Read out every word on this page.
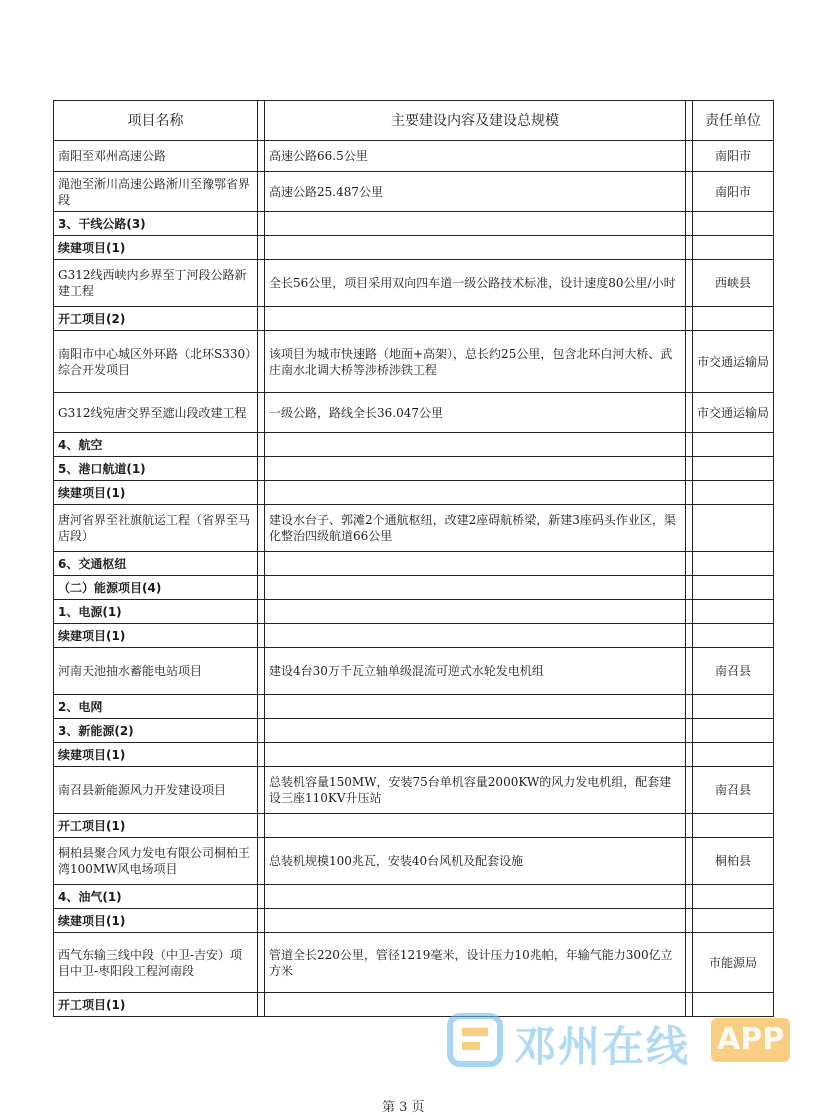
项目名称		主要建设内容及建设总规模		责任单位
南阳至邓州高速公路		高速公路66.5公里		南阳市
渑池至淅川高速公路淅川至豫鄂省界段		高速公路25.487公里		南阳市
3、干线公路(3)				
续建项目(1)				
G312线西峡内乡界至丁河段公路新建工程		全长56公里，项目采用双向四车道一级公路技术标准，设计速度80公里/小时		西峡县
开工项目(2)				
南阳市中心城区外环路（北环S330）综合开发项目		该项目为城市快速路（地面+高架），总长约25公里，包含北环白河大桥、武庄南水北调大桥等涉桥涉铁工程		市交通运输局
G312线宛唐交界至遮山段改建工程		一级公路，路线全长36.047公里		市交通运输局
4、航空				
5、港口航道(1)				
续建项目(1)				
唐河省界至社旗航运工程（省界至马店段）		建设水台子、郭滩2个通航枢纽，改建2座碍航桥梁，新建3座码头作业区，渠化整治四级航道66公里		
6、交通枢纽				
（二）能源项目(4)				
1、电源(1)				
续建项目(1)				
河南天池抽水蓄能电站项目		建设4台30万千瓦立轴单级混流可逆式水轮发电机组		南召县
2、电网				
3、新能源(2)				
续建项目(1)				
南召县新能源风力开发建设项目		总装机容量150MW，安装75台单机容量2000KW的风力发电机组，配套建设三座110KV升压站		南召县
开工项目(1)				
桐柏县聚合风力发电有限公司桐柏王湾100MW风电场项目		总装机规模100兆瓦，安装40台风机及配套设施		桐柏县
4、油气(1)				
续建项目(1)				
西气东输三线中段（中卫-吉安）项目中卫-枣阳段工程河南段		管道全长220公里，管径1219毫米，设计压力10兆帕，年输气能力300亿立方米		市能源局
开工项目(1)				
第 3 页
邓州在线 APP
